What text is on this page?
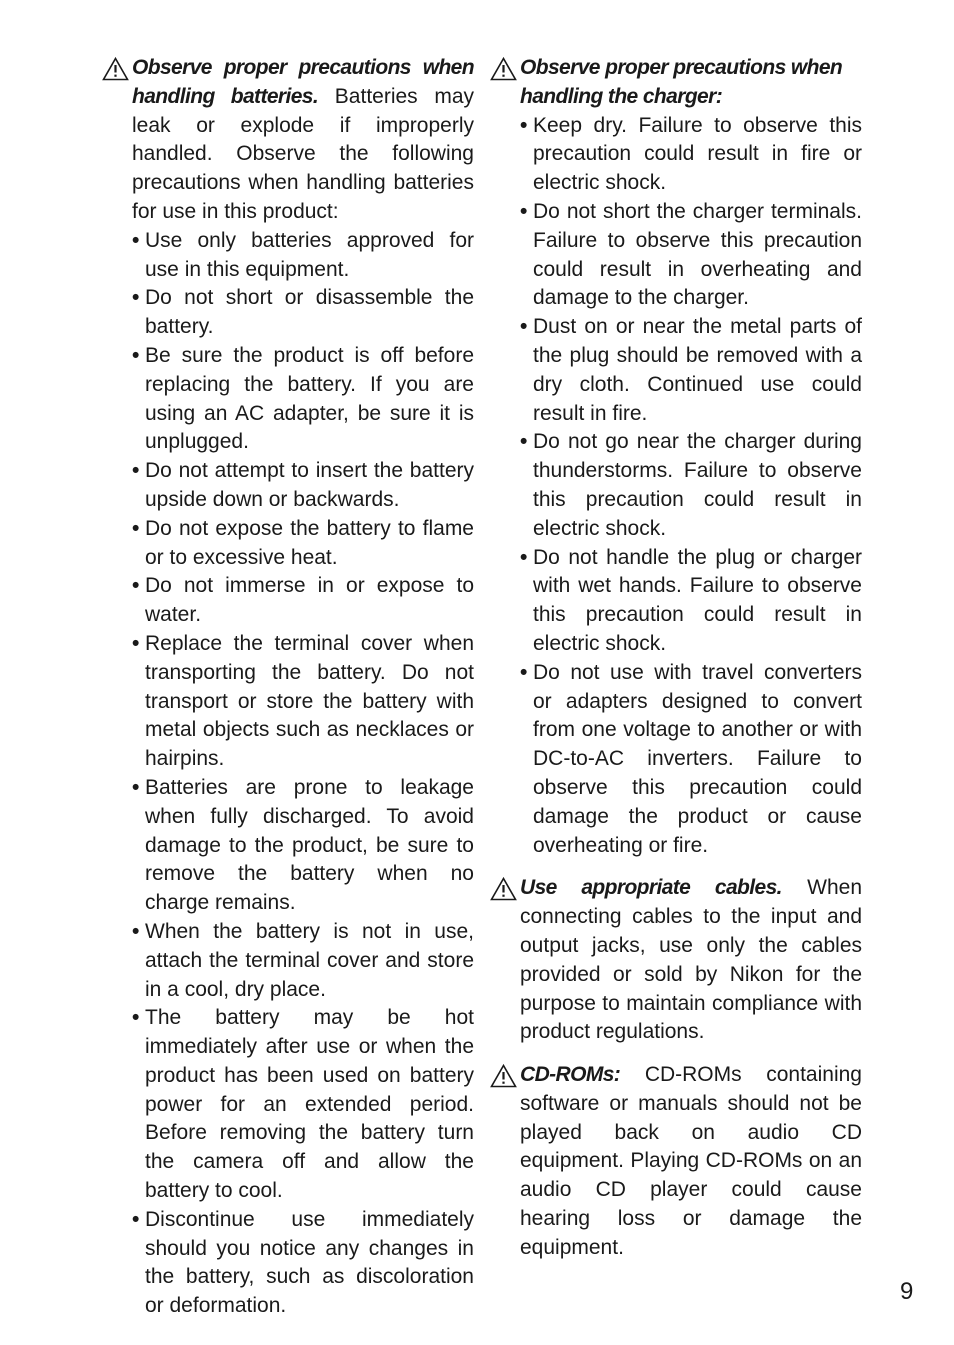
Observe proper precautions when handling batteries. Batteries may leak or explode if improperly handled. Observe the following precautions when handling batteries for use in this product:
• Use only batteries approved for use in this equipment.
• Do not short or disassemble the battery.
• Be sure the product is off before replacing the battery. If you are using an AC adapter, be sure it is unplugged.
• Do not attempt to insert the battery upside down or backwards.
• Do not expose the battery to flame or to excessive heat.
• Do not immerse in or expose to water.
• Replace the terminal cover when transporting the battery. Do not transport or store the battery with metal objects such as necklaces or hairpins.
• Batteries are prone to leakage when fully discharged. To avoid damage to the product, be sure to remove the battery when no charge remains.
• When the battery is not in use, attach the terminal cover and store in a cool, dry place.
• The battery may be hot immediately after use or when the product has been used on battery power for an extended period. Before removing the battery turn the camera off and allow the battery to cool.
• Discontinue use immediately should you notice any changes in the battery, such as discoloration or deformation.
Observe proper precautions when handling the charger:
• Keep dry. Failure to observe this precaution could result in fire or electric shock.
• Do not short the charger terminals. Failure to observe this precaution could result in overheating and damage to the charger.
• Dust on or near the metal parts of the plug should be removed with a dry cloth. Continued use could result in fire.
• Do not go near the charger during thunderstorms. Failure to observe this precaution could result in electric shock.
• Do not handle the plug or charger with wet hands. Failure to observe this precaution could result in electric shock.
• Do not use with travel converters or adapters designed to convert from one voltage to another or with DC-to-AC inverters. Failure to observe this precaution could damage the product or cause overheating or fire.
Use appropriate cables. When connecting cables to the input and output jacks, use only the cables provided or sold by Nikon for the purpose to maintain compliance with product regulations.
CD-ROMs: CD-ROMs containing software or manuals should not be played back on audio CD equipment. Playing CD-ROMs on an audio CD player could cause hearing loss or damage the equipment.
9
